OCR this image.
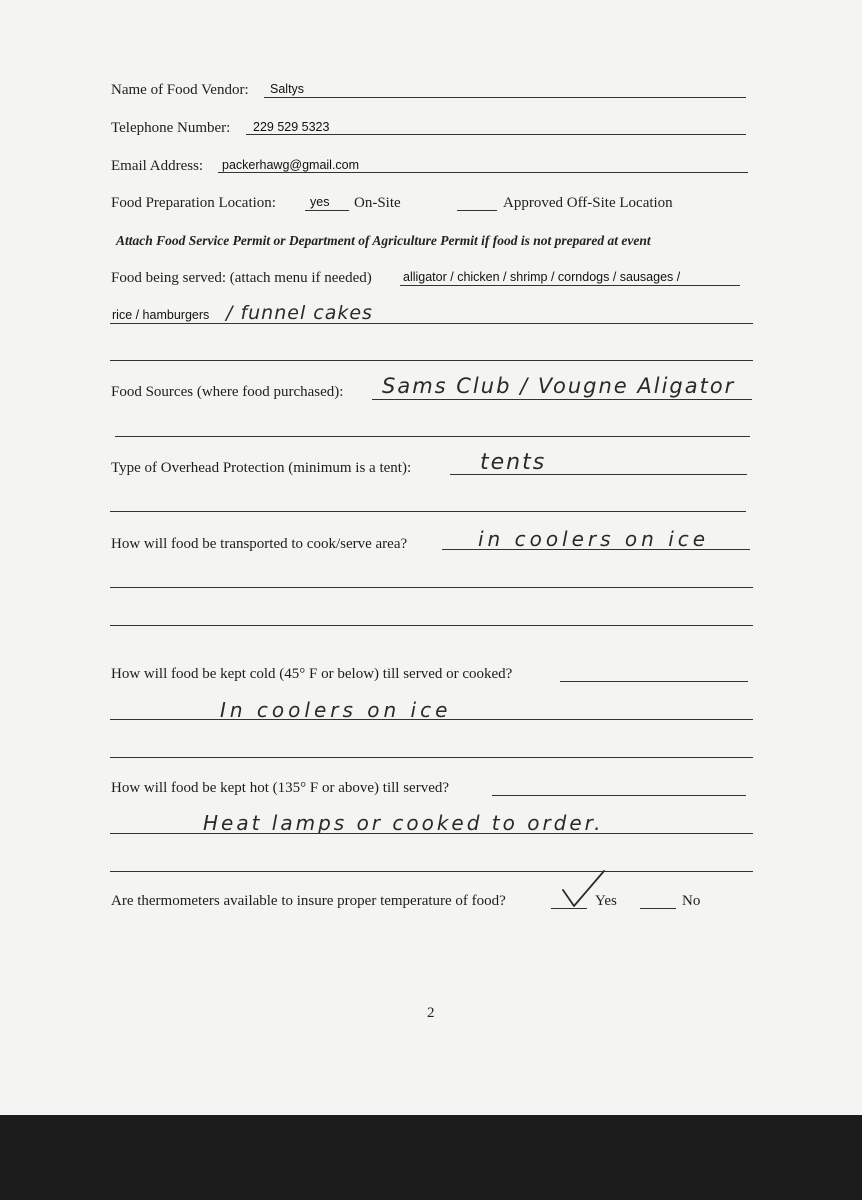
Name of Food Vendor: Saltys
Telephone Number: 229 529 5323
Email Address: packerhawg@gmail.com
Food Preparation Location:	yes On-Site	Approved Off-Site Location
Attach Food Service Permit or Department of Agriculture Permit if food is not prepared at event
Food being served: (attach menu if needed)	alligator / chicken / shrimp / corndogs / sausages /
rice / hamburgers / funnel cakes
Food Sources (where food purchased): Sams Club / Vougne Aligator
Type of Overhead Protection (minimum is a tent):	tents
How will food be transported to cook/serve area?	in coolers on ice
How will food be kept cold (45° F or below) till served or cooked?
In coolers on ice
How will food be kept hot (135° F or above) till served?
Heat lamps or cooked to order.
Are thermometers available to insure proper temperature of food?	Yes	No
2
